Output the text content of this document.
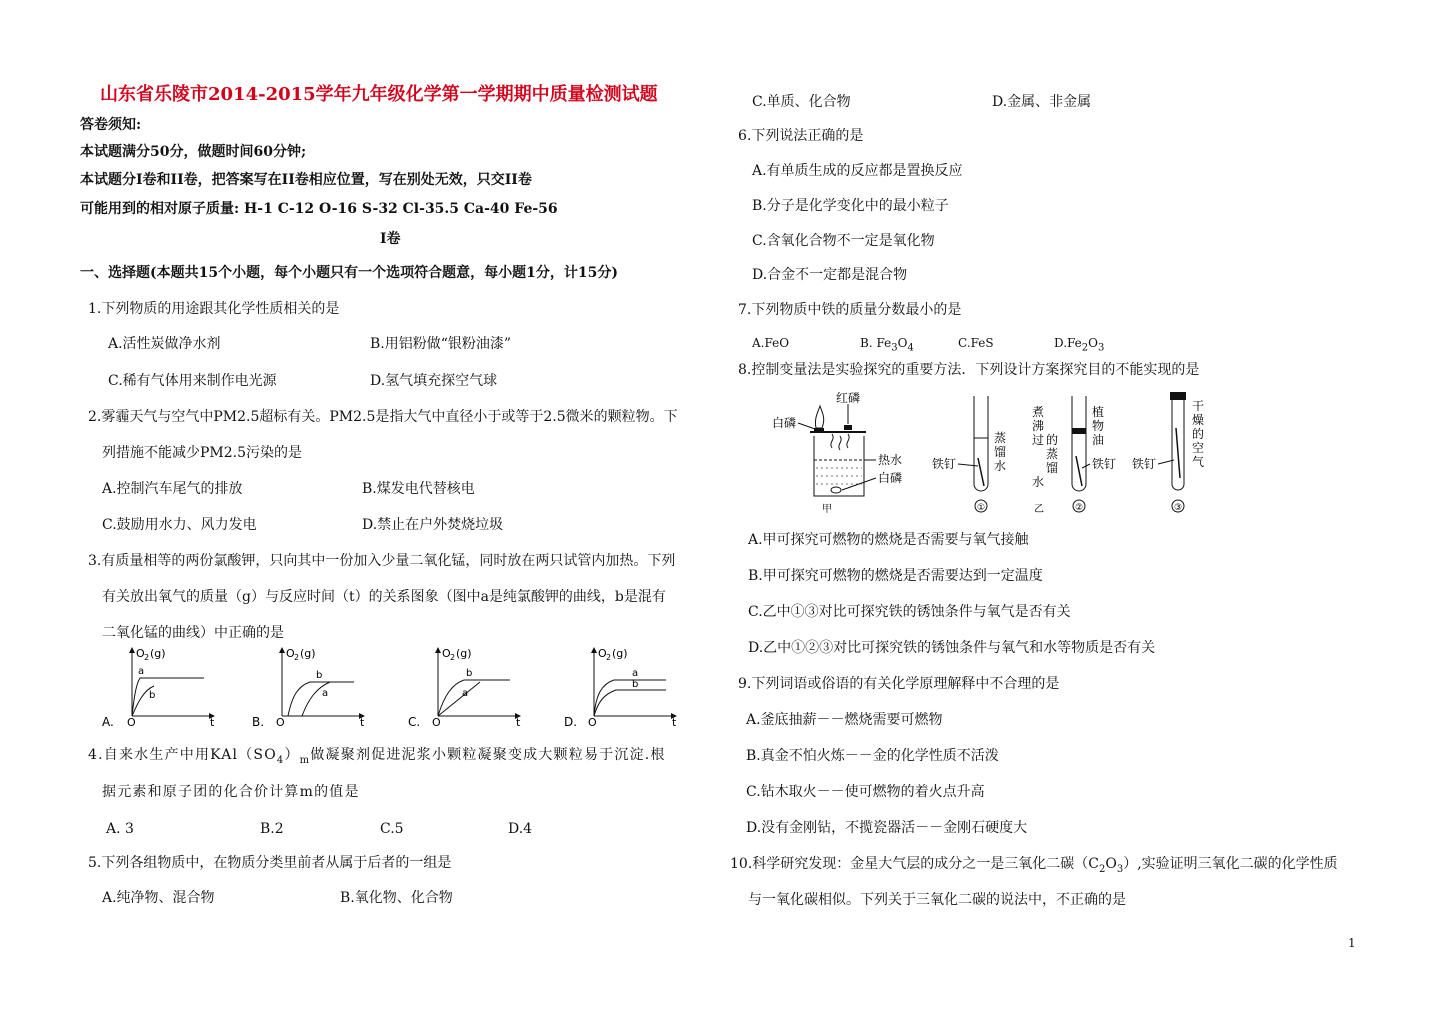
山东省乐陵市2014-2015学年九年级化学第一学期期中质量检测试题
答卷须知:
本试题满分50分，做题时间60分钟;
本试题分I卷和II卷，把答案写在II卷相应位置，写在别处无效，只交II卷
可能用到的相对原子质量: H-1 C-12 O-16 S-32 Cl-35.5 Ca-40 Fe-56
I卷
一、选择题(本题共15个小题，每个小题只有一个选项符合题意，每小题1分，计15分)
1.下列物质的用途跟其化学性质相关的是
A.活性炭做净水剂	B.用铝粉做“银粉油漆”
C.稀有气体用来制作电光源	D.氢气填充探空气球
2.雾霾天气与空气中PM2.5超标有关。PM2.5是指大气中直径小于或等于2.5微米的颗粒物。下
列措施不能减少PM2.5污染的是
A.控制汽车尾气的排放	B.煤发电代替核电
C.鼓励用水力、风力发电	D.禁止在户外焚烧垃圾
3.有质量相等的两份氯酸钾，只向其中一份加入少量二氧化锰，同时放在两只试管内加热。下列
有关放出氧气的质量（g）与反应时间（t）的关系图象（图中a是纯氯酸钾的曲线，b是混有
二氧化锰的曲线）中正确的是
A.
O 2 (g)
O	t
a
b
B.
O 2 (g)
O	t
b
a
C.
O 2 (g)
O	t
b
a
D.
O 2 (g)
O	t
a
b
4.自来水生产中用$KAl(SO_4)_m$做凝聚剂促进泥浆小颗粒凝聚变成大颗粒易于沉淀.根
据元素和原子团的化合价计算m的值是
A. 3	B.2	C.5	D.4
5.下列各组物质中，在物质分类里前者从属于后者的一组是
A.纯净物、混合物	B.氧化物、化合物
C.单质、化合物	D.金属、非金属
6.下列说法正确的是
A.有单质生成的反应都是置换反应
B.分子是化学变化中的最小粒子
C.含氧化合物不一定是氧化物
D.合金不一定都是混合物
7.下列物质中铁的质量分数最小的是
A.FeO	B. $Fe_3O_4$	C.FeS	$D.Fe_2O_3$
8.控制变量法是实验探究的重要方法．下列设计方案探究目的不能实现的是
白磷
红磷
热水
白磷
甲
铁钉
蒸
馏
水
①
煮
沸
过 的
蒸
馏
水
乙
植
物
油
铁钉
②
铁钉
干
燥
的
空
气
③
A.甲可探究可燃物的燃烧是否需要与氧气接触
B.甲可探究可燃物的燃烧是否需要达到一定温度
C.乙中①③对比可探究铁的锈蚀条件与氧气是否有关
D.乙中①②③对比可探究铁的锈蚀条件与氧气和水等物质是否有关
9.下列词语或俗语的有关化学原理解释中不合理的是
A.釜底抽薪－－燃烧需要可燃物
B.真金不怕火炼－－金的化学性质不活泼
C.钻木取火－－使可燃物的着火点升高
D.没有金刚钻，不揽瓷器活－－金刚石硬度大
10.科学研究发现：金星大气层的成分之一是三氧化二碳$(C_2O_3)$,实验证明三氧化二碳的化学性质
与一氧化碳相似。下列关于三氧化二碳的说法中，不正确的是
1
